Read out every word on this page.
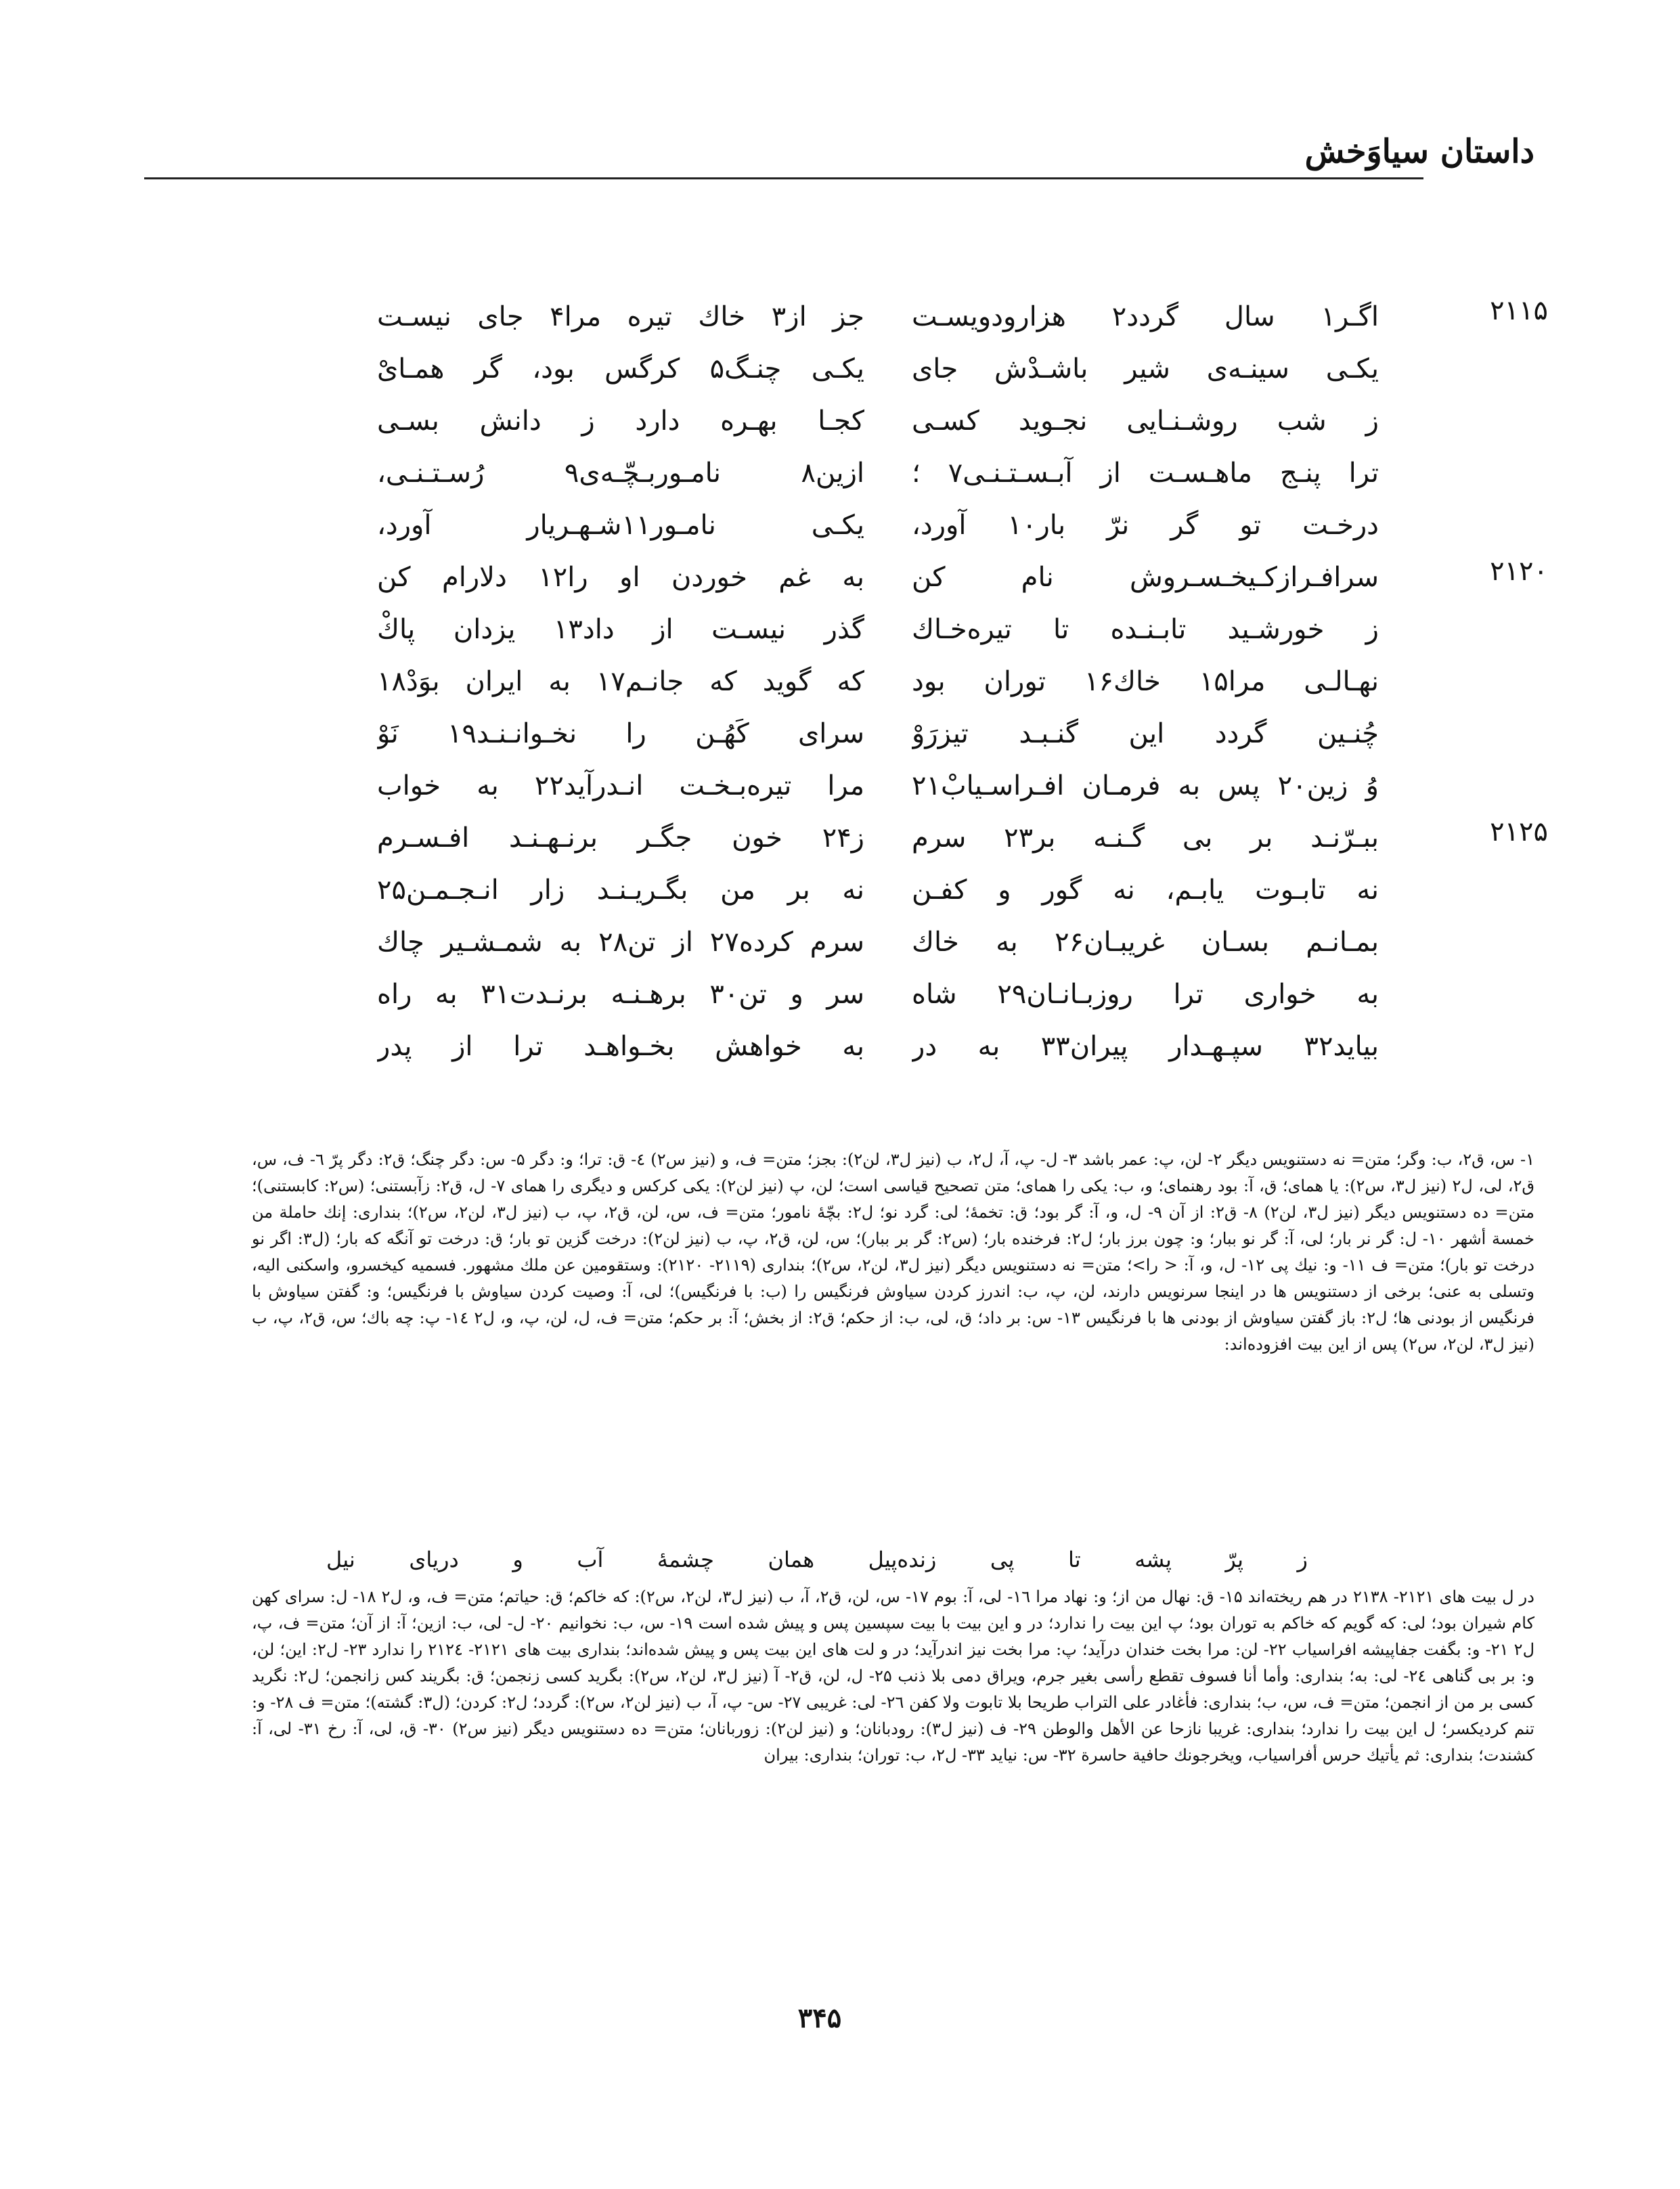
داستان سیاوَخش
۲۱۱۵
اگـر۱ سال گردد۲ هزارودویسـت
جز از۳ خاك تیره مرا۴ جای نیسـت
یکـی سینـه‌ی شیر باشـدْش جای
یکـی چنـگ۵ کرگس بود، گر همـایْ
ز شب روشـنـایی نجـوید کسـی
کجـا بهـره دارد ز دانش بسـی
ترا پنـج ماهـسـت از آبـسـتـنـی۷ ؛
ازین۸ نامـوربـچّـه‌ی۹ رُسـتـنـی،
درخـت تو گر نرّ بار۱۰ آورد،
یکـی نامـور۱۱شـهـریار آورد،
۲۱۲۰
سرافـرازکـیخـسـروش نام کن
به غم خوردن او را۱۲ دلارام کن
ز خورشـید تابـنـده تا تیره‌خـاك
گذر نیسـت از داد۱۳ یزدان پاكْ
نهـالـی مرا۱۵ خاك۱۶ توران بود
که گوید که جانـم۱۷ به ایران بوَدْ۱۸
چُنـین گردد این گنـبـد تیزرَوْ
سرای کَهُـن را نخـوانـنـد۱۹ نَوْ
وُ زین۲۰ پس به فرمـان افـراسـیابْ۲۱
مرا تیره‌بـخـت انـدرآید۲۲ به خواب
۲۱۲۵
ببـرّنـد بر بی گـنـه بر۲۳ سرم
ز۲۴ خون جگـر برنـهـنـد افـسـرم
نه تابـوت یابـم، نه گور و کفـن
نه بر من بگـریـنـد زار انـجـمـن۲۵
بمـانـم بسـان غریبـان۲۶ به خاك
سرم کرده۲۷ از تن۲۸ به شمـشـیر چاك
به خواری ترا روزبـانـان۲۹ شاه
سر و تن۳۰ برهـنـه برنـدت۳۱ به راه
بیاید۳۲ سپـهـدار پیران۳۳ به در
به خواهش بخـواهـد ترا از پدر

۱- س، ق۲، ب: وگر؛ متن= نه دستنویس دیگر ۲- لن، پ: عمر باشد ۳- ل- پ، آ، ل۲، ب (نیز ل۳، لن۲): بجز؛ متن= ف، و (نیز س۲) ٤- ق: ترا؛ و: دگر ۵- س: دگر چنگ؛ ق۲: دگر پرّ ٦- ف، س، ق۲، لی، ل۲ (نیز ل۳، س۲): یا همای؛ ق، آ: بود رهنمای؛ و، ب: یکی را همای؛ متن تصحیح قیاسی است؛ لن، پ (نیز لن۲): یکی کرکس و دیگری را همای ۷- ل، ق۲: زآبستنی؛ (س۲: کابستنی)؛ متن= ده دستنویس دیگر (نیز ل۳، لن۲) ۸- ق۲: از آن ۹- ل، و، آ: گر بود؛ ق: تخمهٔ؛ لی: گرد نو؛ ل۲: بچّهٔ نامور؛ متن= ف، س، لن، ق۲، پ، ب (نیز ل۳، لن۲، س۲)؛ بنداری: إنك حاملة من خمسة أشهر ۱۰- ل: گر نر بار؛ لی، آ: گر نو ببار؛ و: چون برز بار؛ ل۲: فرخنده بار؛ (س۲: گر بر ببار)؛ س، لن، ق۲، پ، ب (نیز لن۲): درخت گزین تو بار؛ ق: درخت تو آنگه که بار؛ (ل۳: اگر نو درخت تو بار)؛ متن= ف ۱۱- و: نیك پی ۱۲- ل، و، آ: < را>؛ متن= نه دستنویس دیگر (نیز ل۳، لن۲، س۲)؛ بنداری (۲۱۱۹- ۲۱۲۰): وستقومین عن ملك مشهور. فسمیه کیخسرو، واسکنی الیه، وتسلی به عنی؛ برخی از دستنویس ها در اینجا سرنویس دارند، لن، پ، ب: اندرز کردن سیاوش فرنگیس را (ب: با فرنگیس)؛ لی، آ: وصیت کردن سیاوش با فرنگیس؛ و: گفتن سیاوش با فرنگیس از بودنی ها؛ ل۲: باز گفتن سیاوش از بودنی ها با فرنگیس ۱۳- س: بر داد؛ ق، لی، ب: از حکم؛ ق۲: از بخش؛ آ: بر حکم؛ متن= ف، ل، لن، پ، و، ل۲ ۱٤- پ: چه باك؛ س، ق۲، پ، ب (نیز ل۳، لن۲، س۲) پس از این بیت افزوده‌اند:

ز پرّ پشه تا پی زنده‌پیل همان چشمهٔ آب و دریای نیل

در ل بیت های ۲۱۲۱- ۲۱۳۸ در هم ریخته‌اند ۱۵- ق: نهال من از؛ و: نهاد مرا ۱٦- لی، آ: بوم ۱۷- س، لن، ق۲، آ، ب (نیز ل۳، لن۲، س۲): که خاکم؛ ق: حیاتم؛ متن= ف، و، ل۲ ۱۸- ل: سرای کهن کام شیران بود؛ لی: که گویم که خاکم به توران بود؛ پ این بیت را ندارد؛ در و این بیت با بیت سپسین پس و پیش شده است ۱۹- س، ب: نخوانیم ۲۰- ل- لی، ب: ازین؛ آ: از آن؛ متن= ف، پ، ل۲ ۲۱- و: بگفت جفاپیشه افراسیاب ۲۲- لن: مرا بخت خندان درآید؛ پ: مرا بخت نیز اندرآید؛ در و لت های این بیت پس و پیش شده‌اند؛ بنداری بیت های ۲۱۲۱- ۲۱۲٤ را ندارد ۲۳- ل۲: این؛ لن، و: بر بی گناهی ۲٤- لی: به؛ بنداری: وأما أنا فسوف تقطع رأسی بغیر جرم، ویراق دمی بلا ذنب ۲۵- ل، لن، ق۲- آ (نیز ل۳، لن۲، س۲): بگرید کسی زنجمن؛ ق: بگریند کس زانجمن؛ ل۲: نگرید کسی بر من از انجمن؛ متن= ف، س، ب؛ بنداری: فأغادر علی التراب طریحا بلا تابوت ولا کفن ۲٦- لی: غریبی ۲۷- س- پ، آ، ب (نیز لن۲، س۲): گردد؛ ل۲: کردن؛ (ل۳: گشته)؛ متن= ف ۲۸- و: تنم کردیکسر؛ ل این بیت را ندارد؛ بنداری: غریبا نازحا عن الأهل والوطن ۲۹- ف (نیز ل۳): رودبانان؛ و (نیز لن۲): زوربانان؛ متن= ده دستنویس دیگر (نیز س۲) ۳۰- ق، لی، آ: رخ ۳۱- لی، آ: کشندت؛ بنداری: ثم یأتیك حرس أفراسیاب، ویخرجونك حافیة حاسرة ۳۲- س: نیاید ۳۳- ل۲، ب: توران؛ بنداری: بیران

۳۴۵
